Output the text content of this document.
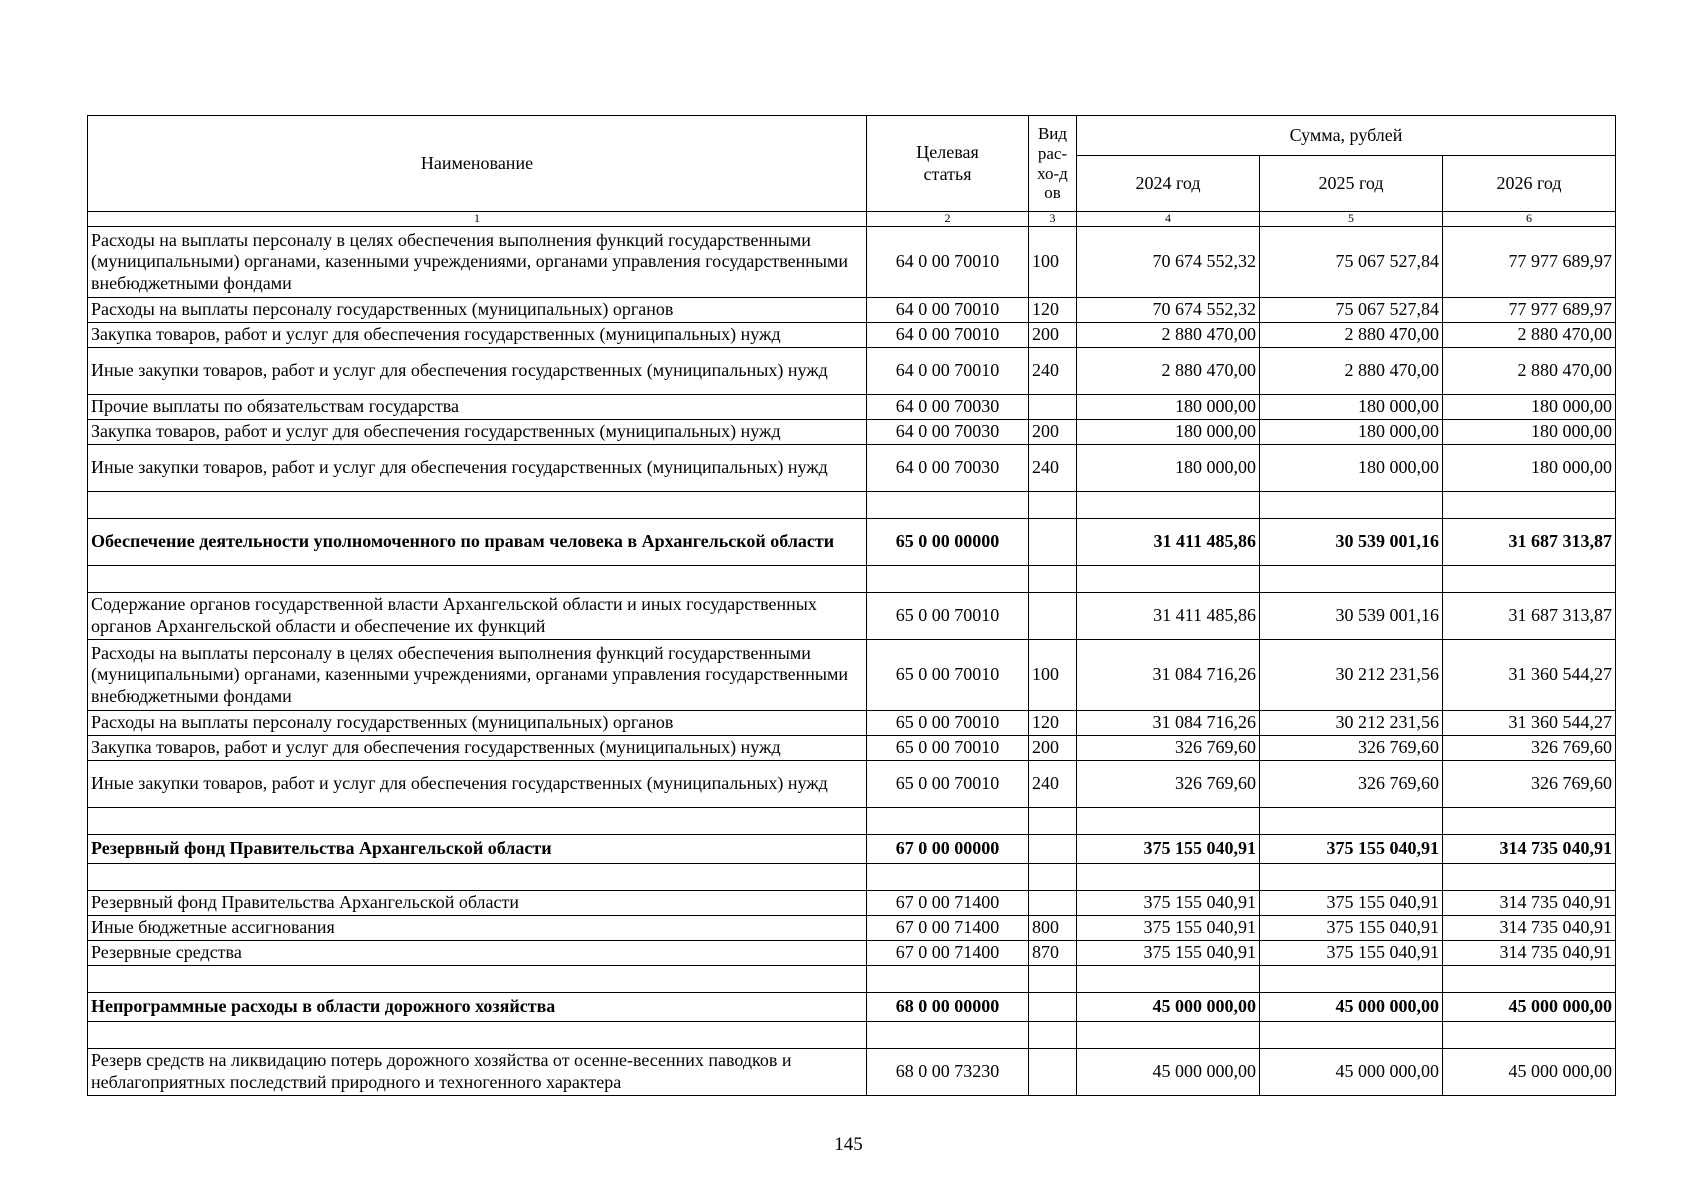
Наименование	Целевая статья	Вид рас-хо-дов	Сумма, рублей		
			2024 год	2025 год	2026 год
1	2	3	4	5	6
Расходы на выплаты персоналу в целях обеспечения выполнения функций государственными (муниципальными) органами, казенными учреждениями, органами управления государственными внебюджетными фондами	64 0 00 70010	100	70 674 552,32	75 067 527,84	77 977 689,97
Расходы на выплаты персоналу государственных (муниципальных) органов	64 0 00 70010	120	70 674 552,32	75 067 527,84	77 977 689,97
Закупка товаров, работ и услуг для обеспечения государственных (муниципальных) нужд	64 0 00 70010	200	2 880 470,00	2 880 470,00	2 880 470,00
Иные закупки товаров, работ и услуг для обеспечения государственных (муниципальных) нужд	64 0 00 70010	240	2 880 470,00	2 880 470,00	2 880 470,00
Прочие выплаты по обязательствам государства	64 0 00 70030		180 000,00	180 000,00	180 000,00
Закупка товаров, работ и услуг для обеспечения государственных (муниципальных) нужд	64 0 00 70030	200	180 000,00	180 000,00	180 000,00
Иные закупки товаров, работ и услуг для обеспечения государственных (муниципальных) нужд	64 0 00 70030	240	180 000,00	180 000,00	180 000,00

Обеспечение деятельности уполномоченного по правам человека в Архангельской области	65 0 00 00000		31 411 485,86	30 539 001,16	31 687 313,87

Содержание органов государственной власти Архангельской области и иных государственных органов Архангельской области и обеспечение их функций	65 0 00 70010		31 411 485,86	30 539 001,16	31 687 313,87
Расходы на выплаты персоналу в целях обеспечения выполнения функций государственными (муниципальными) органами, казенными учреждениями, органами управления государственными внебюджетными фондами	65 0 00 70010	100	31 084 716,26	30 212 231,56	31 360 544,27
Расходы на выплаты персоналу государственных (муниципальных) органов	65 0 00 70010	120	31 084 716,26	30 212 231,56	31 360 544,27
Закупка товаров, работ и услуг для обеспечения государственных (муниципальных) нужд	65 0 00 70010	200	326 769,60	326 769,60	326 769,60
Иные закупки товаров, работ и услуг для обеспечения государственных (муниципальных) нужд	65 0 00 70010	240	326 769,60	326 769,60	326 769,60

Резервный фонд Правительства Архангельской области	67 0 00 00000		375 155 040,91	375 155 040,91	314 735 040,91

Резервный фонд Правительства Архангельской области	67 0 00 71400		375 155 040,91	375 155 040,91	314 735 040,91
Иные бюджетные ассигнования	67 0 00 71400	800	375 155 040,91	375 155 040,91	314 735 040,91
Резервные средства	67 0 00 71400	870	375 155 040,91	375 155 040,91	314 735 040,91

Непрограммные расходы в области дорожного хозяйства	68 0 00 00000		45 000 000,00	45 000 000,00	45 000 000,00

Резерв средств на ликвидацию потерь дорожного хозяйства от осенне-весенних паводков и неблагоприятных последствий природного и техногенного характера	68 0 00 73230		45 000 000,00	45 000 000,00	45 000 000,00
145
